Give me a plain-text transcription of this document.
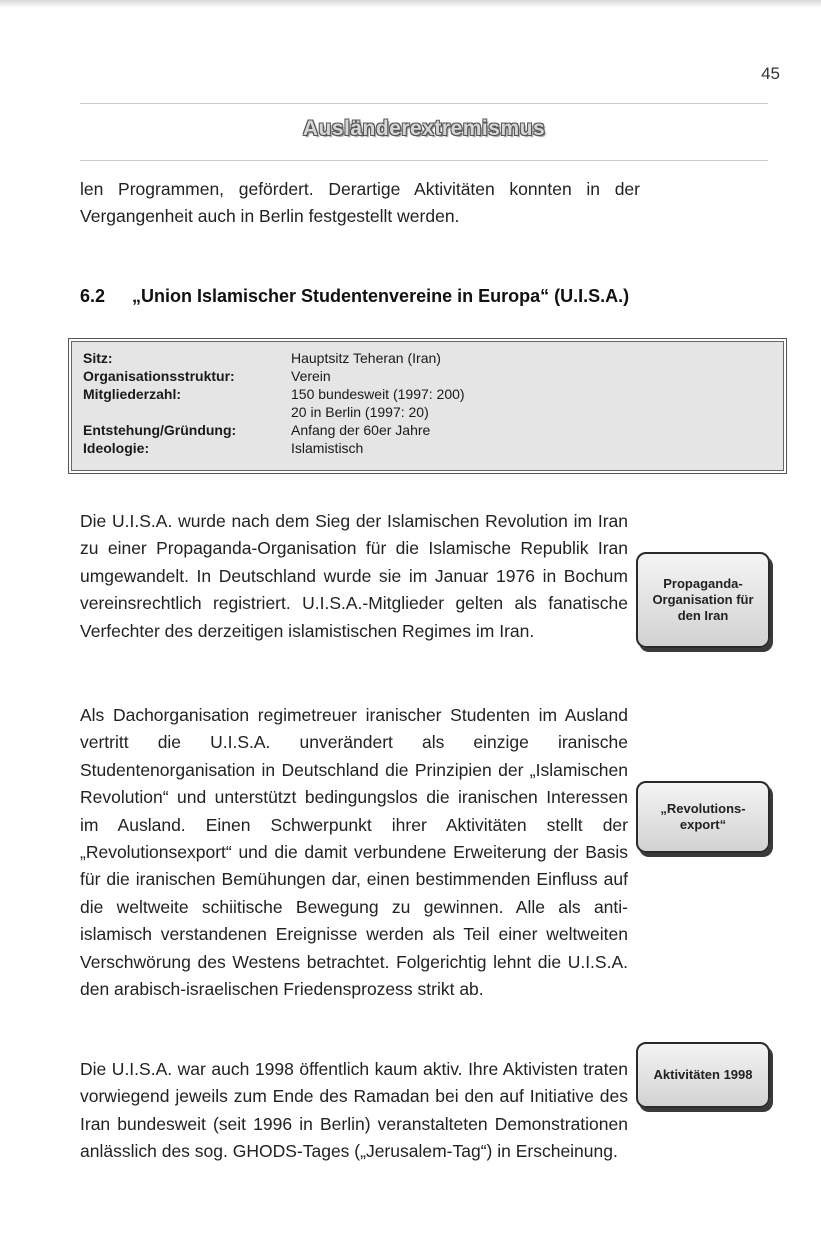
45
Ausländerextremismus

len Programmen, gefördert. Derartige Aktivitäten konnten in der Vergangenheit auch in Berlin festgestellt werden.

6.2 „Union Islamischer Studentenvereine in Europa“ (U.I.S.A.)
Sitz:	Hauptsitz Teheran (Iran)
Organisationsstruktur:	Verein
Mitgliederzahl:	150 bundesweit (1997: 200)
20 in Berlin (1997: 20)
Entstehung/Gründung:	Anfang der 60er Jahre
Ideologie:	Islamistisch

Die U.I.S.A. wurde nach dem Sieg der Islamischen Revolution im Iran zu einer Propaganda-Organisation für die Islamische Republik Iran umgewandelt. In Deutschland wurde sie im Januar 1976 in Bochum vereinsrechtlich registriert. U.I.S.A.-Mitglieder gelten als fanatische Verfechter des derzeitigen islamistischen Regimes im Iran.

Als Dachorganisation regimetreuer iranischer Studenten im Ausland vertritt die U.I.S.A. unverändert als einzige iranische Studentenorganisation in Deutschland die Prinzipien der „Islamischen Revolution“ und unterstützt bedingungslos die iranischen Interessen im Ausland. Einen Schwerpunkt ihrer Aktivitäten stellt der „Revolutionsexport“ und die damit verbundene Erweiterung der Basis für die iranischen Bemühungen dar, einen bestimmenden Einfluss auf die weltweite schiitische Bewegung zu gewinnen. Alle als anti-islamisch verstandenen Ereignisse werden als Teil einer weltweiten Verschwörung des Westens betrachtet. Folgerichtig lehnt die U.I.S.A. den arabisch-israelischen Friedensprozess strikt ab.

Die U.I.S.A. war auch 1998 öffentlich kaum aktiv. Ihre Aktivisten traten vorwiegend jeweils zum Ende des Ramadan bei den auf Initiative des Iran bundesweit (seit 1996 in Berlin) veranstalteten Demonstrationen anlässlich des sog. GHODS-Tages („Jerusalem-Tag“) in Erscheinung.

Propaganda-Organisation für den Iran
„Revolutions-export“
Aktivitäten 1998
